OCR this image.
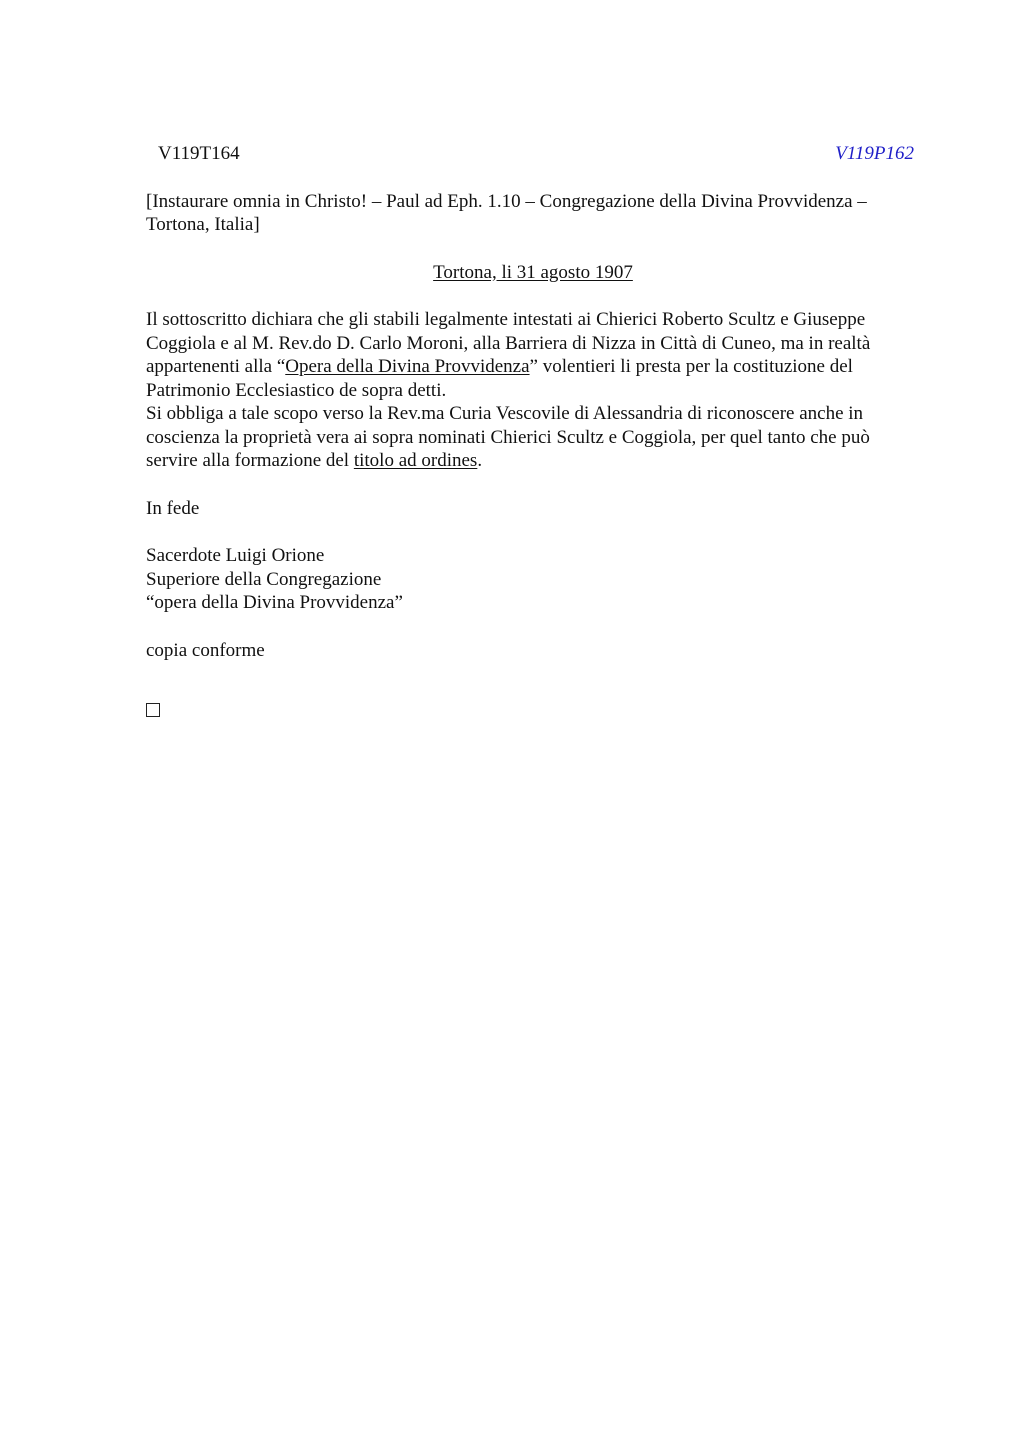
V119T164	V119P162

[Instaurare omnia in Christo! – Paul ad Eph. 1.10 – Congregazione della Divina Provvidenza – Tortona, Italia]

Tortona, li 31 agosto 1907

Il sottoscritto dichiara che gli stabili legalmente intestati ai Chierici Roberto Scultz e Giuseppe Coggiola e al M. Rev.do D. Carlo Moroni, alla Barriera di Nizza in Città di Cuneo, ma in realtà appartenenti alla “Opera della Divina Provvidenza” volentieri li presta per la costituzione del Patrimonio Ecclesiastico de sopra detti.

Si obbliga a tale scopo verso la Rev.ma Curia Vescovile di Alessandria di riconoscere anche in coscienza la proprietà vera ai sopra nominati Chierici Scultz e Coggiola, per quel tanto che può servire alla formazione del titolo ad ordines.

In fede

Sacerdote Luigi Orione
Superiore della Congregazione
“opera della Divina Provvidenza”

copia conforme
